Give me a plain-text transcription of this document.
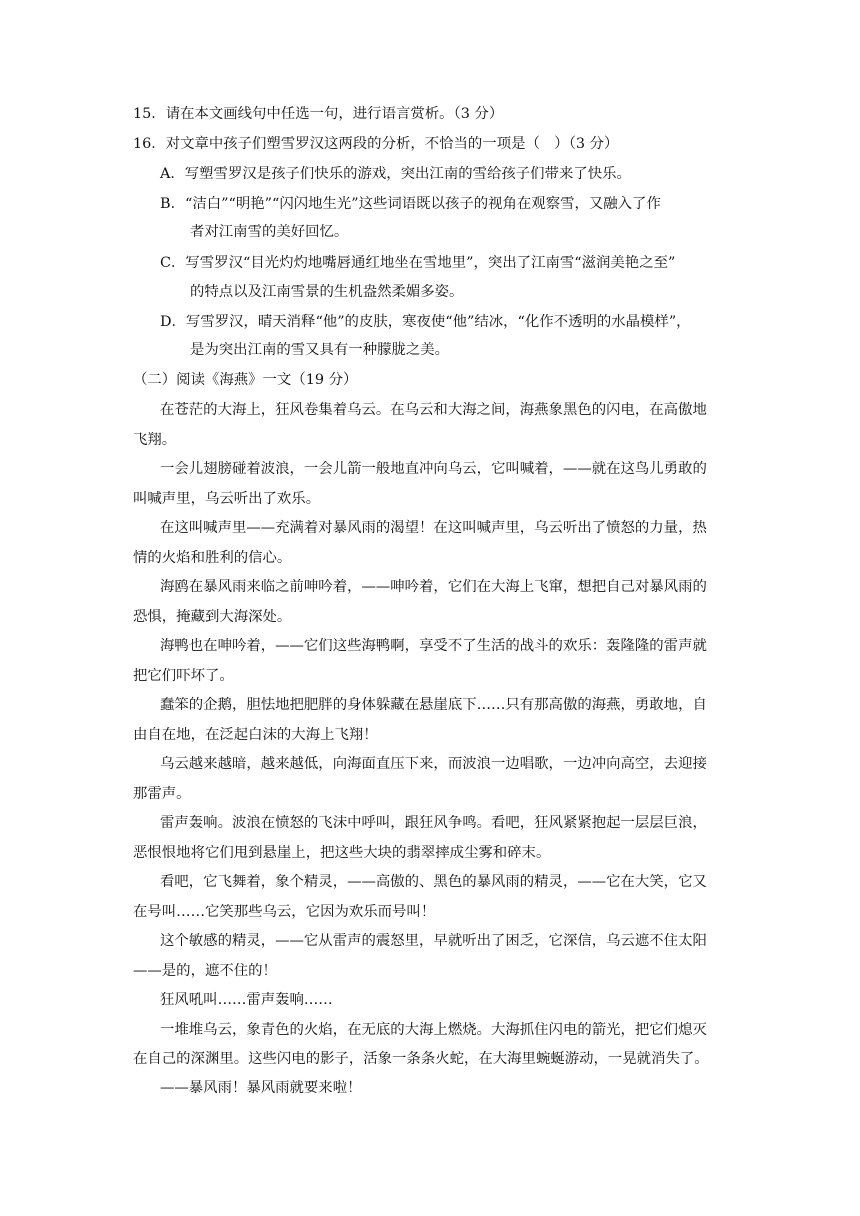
15．请在本文画线句中任选一句，进行语言赏析。（3 分）
16．对文章中孩子们塑雪罗汉这两段的分析，不恰当的一项是（　）（3 分）
A．写塑雪罗汉是孩子们快乐的游戏，突出江南的雪给孩子们带来了快乐。
B．“洁白”“明艳”“闪闪地生光”这些词语既以孩子的视角在观察雪，又融入了作
者对江南雪的美好回忆。
C．写雪罗汉“目光灼灼地嘴唇通红地坐在雪地里”，突出了江南雪“滋润美艳之至”
的特点以及江南雪景的生机盎然柔媚多姿。
D．写雪罗汉，晴天消释“他”的皮肤，寒夜使“他”结冰，“化作不透明的水晶模样”，
是为突出江南的雪又具有一种朦胧之美。
（二）阅读《海燕》一文（19 分）
在苍茫的大海上，狂风卷集着乌云。在乌云和大海之间，海燕象黑色的闪电，在高傲地
飞翔。
一会儿翅膀碰着波浪，一会儿箭一般地直冲向乌云，它叫喊着，——就在这鸟儿勇敢的
叫喊声里，乌云听出了欢乐。
在这叫喊声里——充满着对暴风雨的渴望！在这叫喊声里，乌云听出了愤怒的力量，热
情的火焰和胜利的信心。
海鸥在暴风雨来临之前呻吟着，——呻吟着，它们在大海上飞窜，想把自己对暴风雨的
恐惧，掩藏到大海深处。
海鸭也在呻吟着，——它们这些海鸭啊，享受不了生活的战斗的欢乐：轰隆隆的雷声就
把它们吓坏了。
蠢笨的企鹅，胆怯地把肥胖的身体躲藏在悬崖底下……只有那高傲的海燕，勇敢地，自
由自在地，在泛起白沫的大海上飞翔！
乌云越来越暗，越来越低，向海面直压下来，而波浪一边唱歌，一边冲向高空，去迎接
那雷声。
雷声轰响。波浪在愤怒的飞沫中呼叫，跟狂风争鸣。看吧，狂风紧紧抱起一层层巨浪，
恶恨恨地将它们甩到悬崖上，把这些大块的翡翠摔成尘雾和碎末。
看吧，它飞舞着，象个精灵，——高傲的、黑色的暴风雨的精灵，——它在大笑，它又
在号叫……它笑那些乌云，它因为欢乐而号叫！
这个敏感的精灵，——它从雷声的震怒里，早就听出了困乏，它深信，乌云遮不住太阳
——是的，遮不住的！
狂风吼叫……雷声轰响……
一堆堆乌云，象青色的火焰，在无底的大海上燃烧。大海抓住闪电的箭光，把它们熄灭
在自己的深渊里。这些闪电的影子，活象一条条火蛇，在大海里蜿蜒游动，一晃就消失了。
——暴风雨！暴风雨就要来啦！
